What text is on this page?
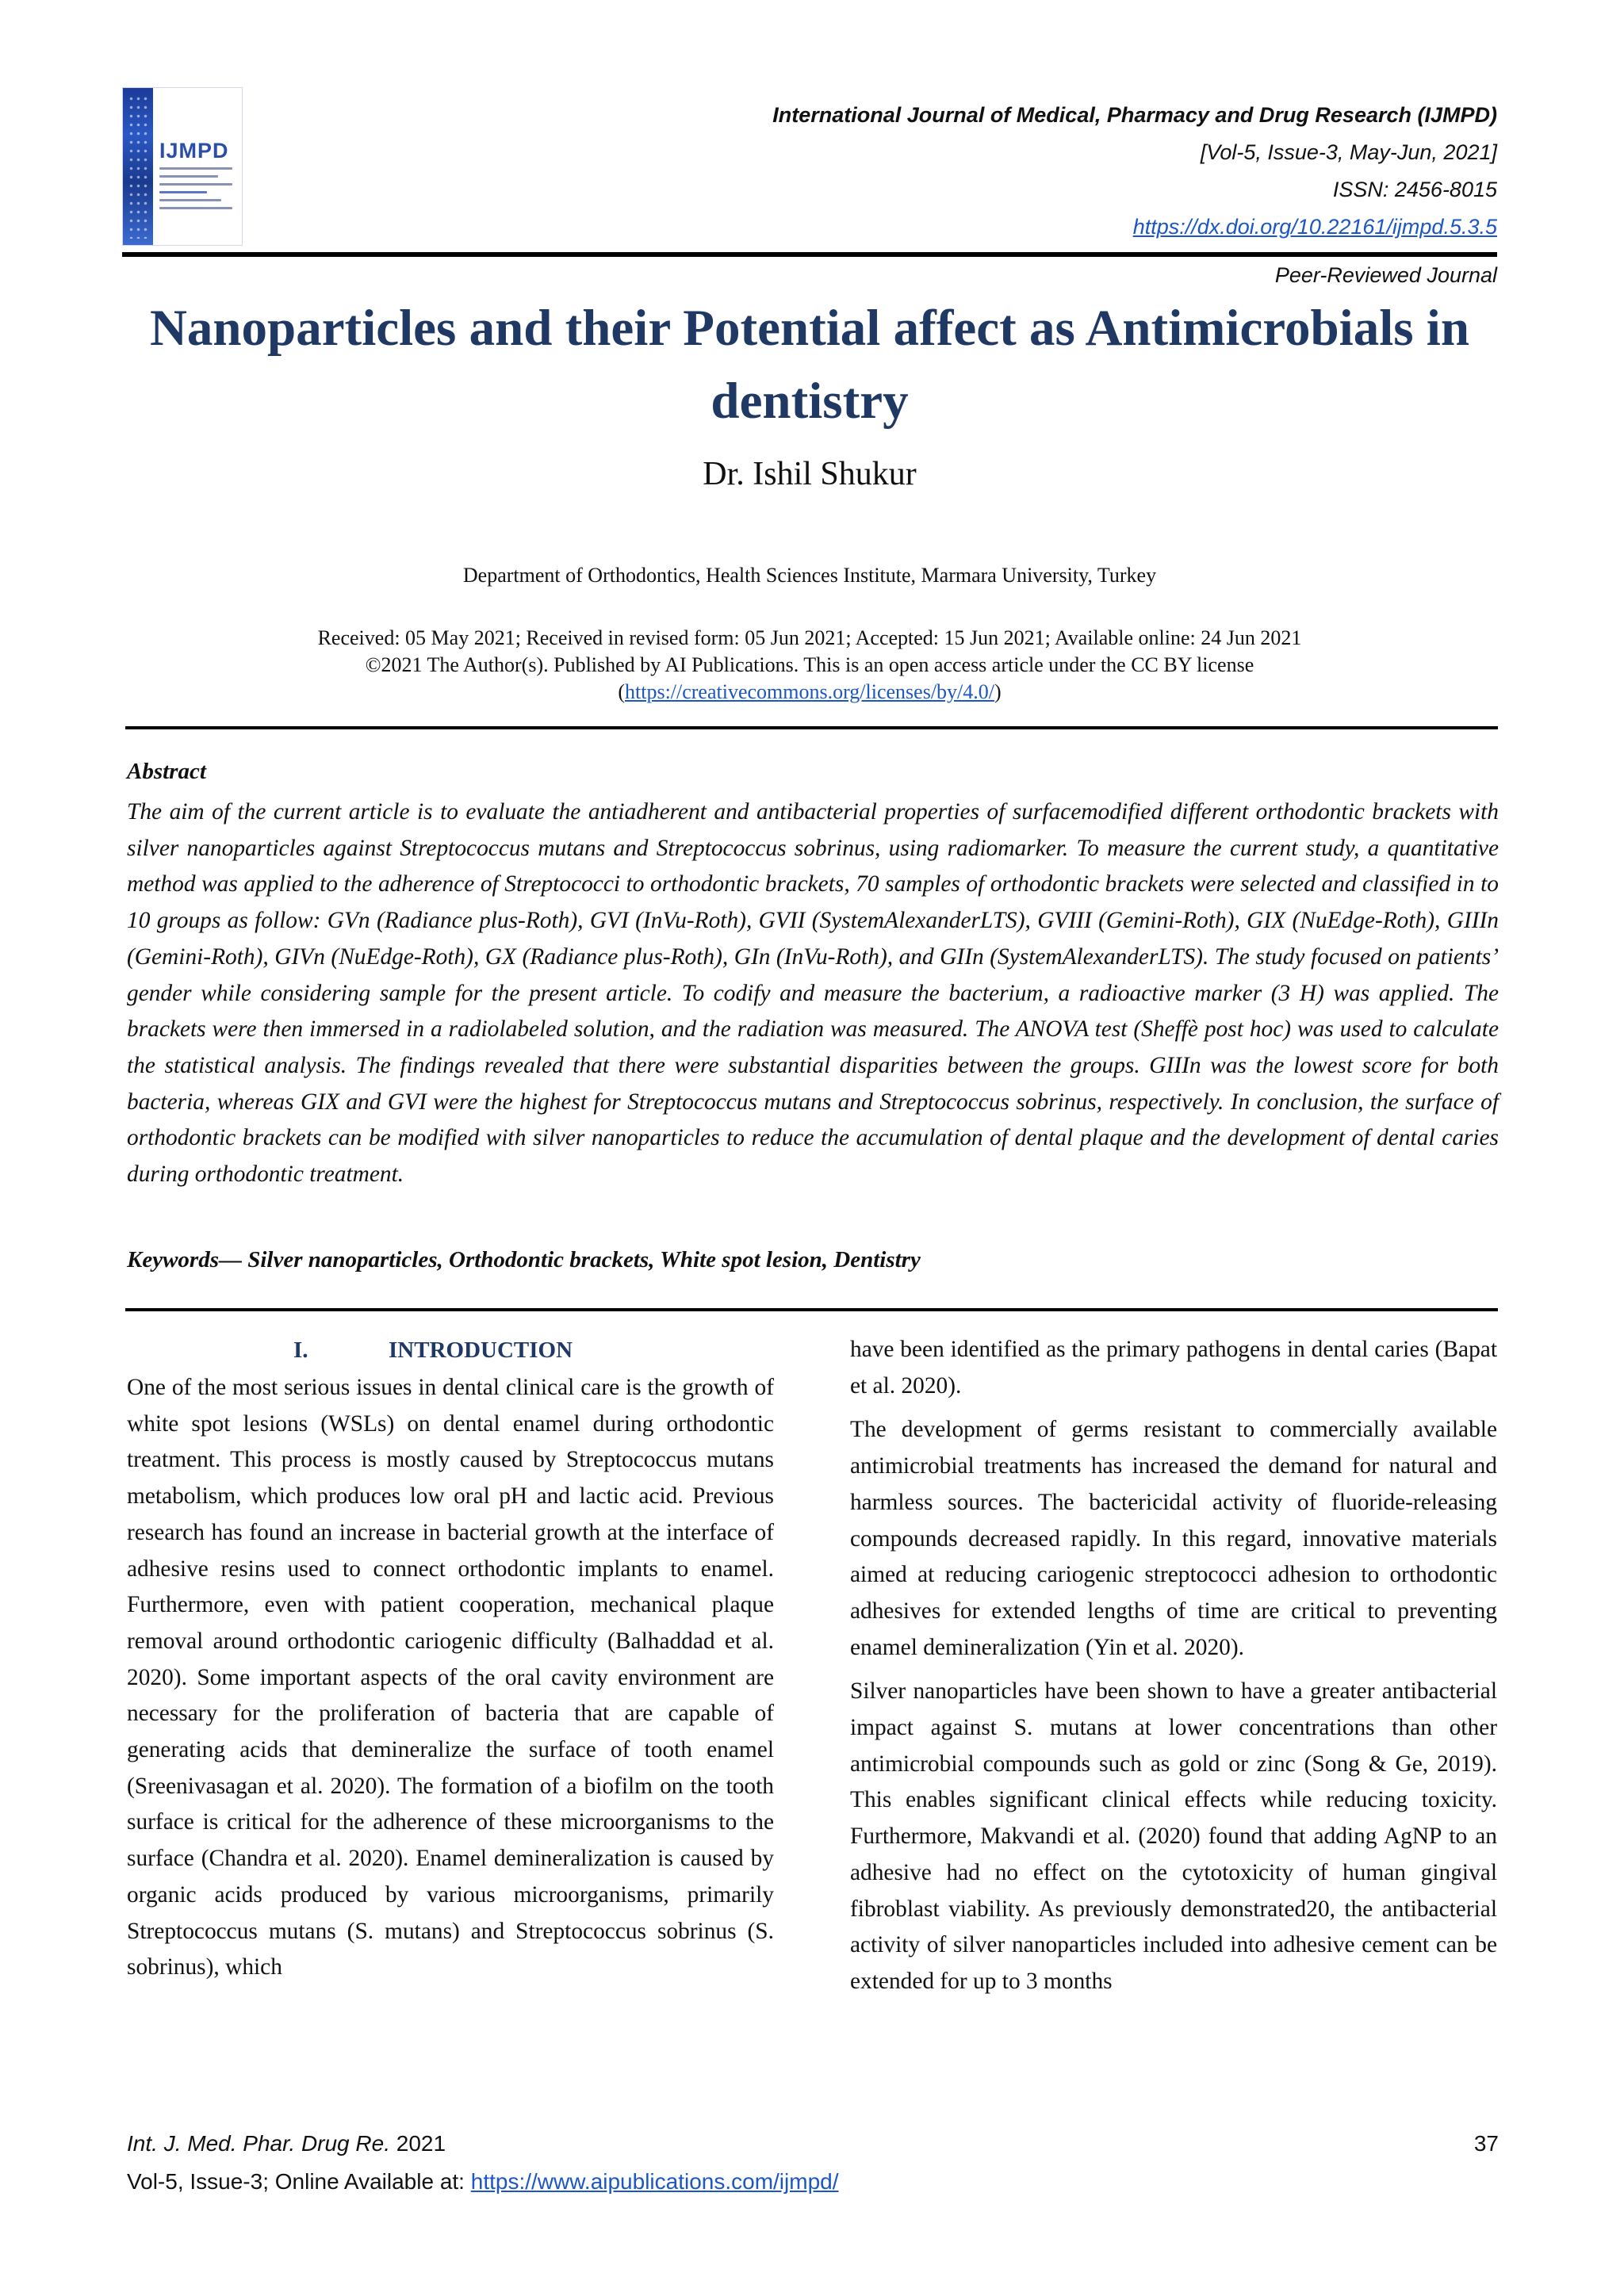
IJMPD
International Journal of Medical, Pharmacy and Drug Research (IJMPD)
[Vol-5, Issue-3, May-Jun, 2021]
ISSN: 2456-8015
https://dx.doi.org/10.22161/ijmpd.5.3.5
Peer-Reviewed Journal
Nanoparticles and their Potential affect as Antimicrobials in dentistry
Dr. Ishil Shukur
Department of Orthodontics, Health Sciences Institute, Marmara University, Turkey
Received: 05 May 2021; Received in revised form: 05 Jun 2021; Accepted: 15 Jun 2021; Available online: 24 Jun 2021
©2021 The Author(s). Published by AI Publications. This is an open access article under the CC BY license
(https://creativecommons.org/licenses/by/4.0/)
Abstract

The aim of the current article is to evaluate the antiadherent and antibacterial properties of surfacemodified different orthodontic brackets with silver nanoparticles against Streptococcus mutans and Streptococcus sobrinus, using radiomarker. To measure the current study, a quantitative method was applied to the adherence of Streptococci to orthodontic brackets, 70 samples of orthodontic brackets were selected and classified in to 10 groups as follow: GVn (Radiance plus-Roth), GVI (InVu-Roth), GVII (SystemAlexanderLTS), GVIII (Gemini-Roth), GIX (NuEdge-Roth), GIIIn (Gemini-Roth), GIVn (NuEdge-Roth), GX (Radiance plus-Roth), GIn (InVu-Roth), and GIIn (SystemAlexanderLTS). The study focused on patients’ gender while considering sample for the present article. To codify and measure the bacterium, a radioactive marker (3 H) was applied. The brackets were then immersed in a radiolabeled solution, and the radiation was measured. The ANOVA test (Sheffè post hoc) was used to calculate the statistical analysis. The findings revealed that there were substantial disparities between the groups. GIIIn was the lowest score for both bacteria, whereas GIX and GVI were the highest for Streptococcus mutans and Streptococcus sobrinus, respectively. In conclusion, the surface of orthodontic brackets can be modified with silver nanoparticles to reduce the accumulation of dental plaque and the development of dental caries during orthodontic treatment.

Keywords— Silver nanoparticles, Orthodontic brackets, White spot lesion, Dentistry
I.	INTRODUCTION

One of the most serious issues in dental clinical care is the growth of white spot lesions (WSLs) on dental enamel during orthodontic treatment. This process is mostly caused by Streptococcus mutans metabolism, which produces low oral pH and lactic acid. Previous research has found an increase in bacterial growth at the interface of adhesive resins used to connect orthodontic implants to enamel. Furthermore, even with patient cooperation, mechanical plaque removal around orthodontic cariogenic difficulty (Balhaddad et al. 2020). Some important aspects of the oral cavity environment are necessary for the proliferation of bacteria that are capable of generating acids that demineralize the surface of tooth enamel (Sreenivasagan et al. 2020). The formation of a biofilm on the tooth surface is critical for the adherence of these microorganisms to the surface (Chandra et al. 2020). Enamel demineralization is caused by organic acids produced by various microorganisms, primarily Streptococcus mutans (S. mutans) and Streptococcus sobrinus (S. sobrinus), which

have been identified as the primary pathogens in dental caries (Bapat et al. 2020).

The development of germs resistant to commercially available antimicrobial treatments has increased the demand for natural and harmless sources. The bactericidal activity of fluoride-releasing compounds decreased rapidly. In this regard, innovative materials aimed at reducing cariogenic streptococci adhesion to orthodontic adhesives for extended lengths of time are critical to preventing enamel demineralization (Yin et al. 2020).

Silver nanoparticles have been shown to have a greater antibacterial impact against S. mutans at lower concentrations than other antimicrobial compounds such as gold or zinc (Song & Ge, 2019). This enables significant clinical effects while reducing toxicity. Furthermore, Makvandi et al. (2020) found that adding AgNP to an adhesive had no effect on the cytotoxicity of human gingival fibroblast viability. As previously demonstrated20, the antibacterial activity of silver nanoparticles included into adhesive cement can be extended for up to 3 months

Int. J. Med. Phar. Drug Re. 2021
Vol-5, Issue-3; Online Available at: https://www.aipublications.com/ijmpd/
37
